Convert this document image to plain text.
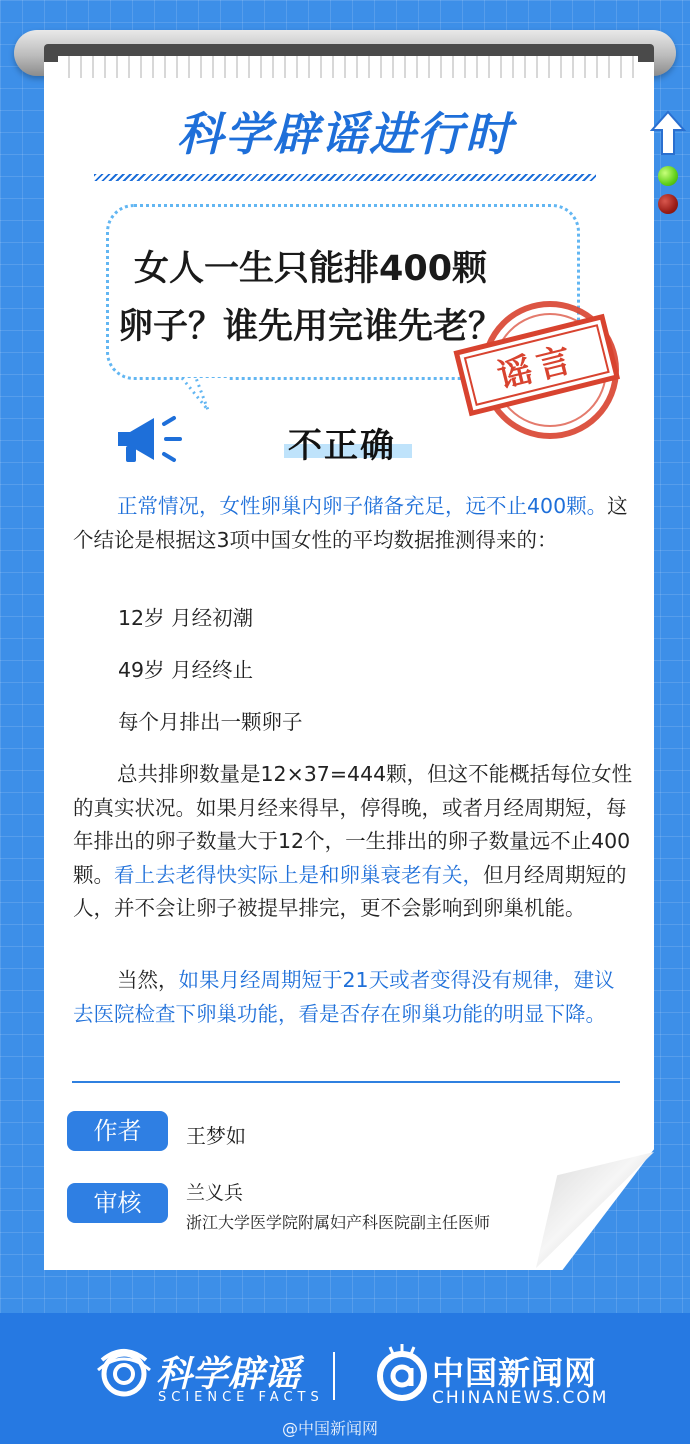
科学辟谣进行时
女人一生只能排400颗
卵子？谁先用完谁先老？
谣言
不正确
正常情况，女性卵巢内卵子储备充足，远不止400颗。这个结论是根据这3项中国女性的平均数据推测得来的：
12岁 月经初潮
49岁 月经终止
每个月排出一颗卵子
总共排卵数量是12×37=444颗，但这不能概括每位女性的真实状况。如果月经来得早，停得晚，或者月经周期短，每年排出的卵子数量大于12个，一生排出的卵子数量远不止400颗。看上去老得快实际上是和卵巢衰老有关，但月经周期短的人，并不会让卵子被提早排完，更不会影响到卵巢机能。
当然，如果月经周期短于21天或者变得没有规律，建议去医院检查下卵巢功能，看是否存在卵巢功能的明显下降。
作者	王梦如
审核	兰义兵
浙江大学医学院附属妇产科医院副主任医师
科学辟谣
SCIENCE FACTS
中国新闻网
CHINANEWS.COM
@中国新闻网
